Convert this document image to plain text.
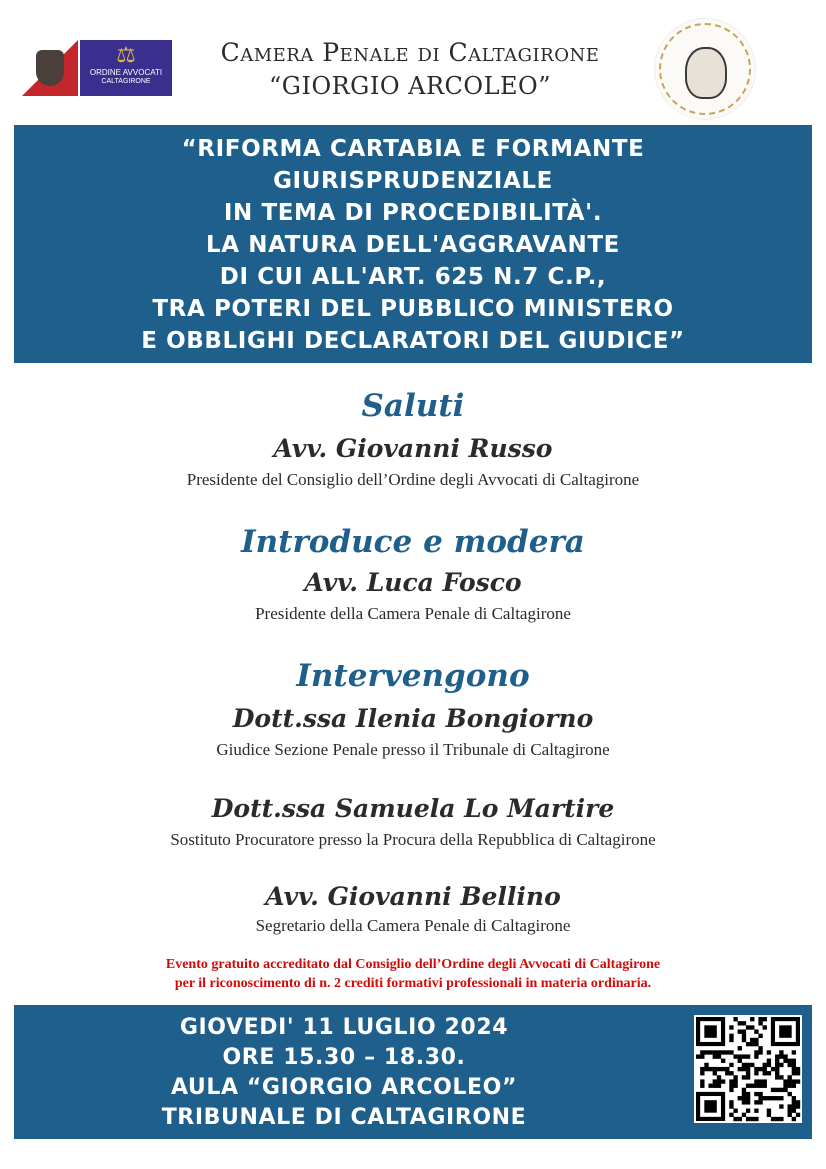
⚖
ORDINE AVVOCATI
CALTAGIRONE
Camera Penale di Caltagirone
“GIORGIO ARCOLEO”
“RIFORMA CARTABIA E FORMANTE
GIURISPRUDENZIALE
IN TEMA DI PROCEDIBILITÀ'.
LA NATURA DELL'AGGRAVANTE
DI CUI ALL'ART. 625 N.7 C.P.,
TRA POTERI DEL PUBBLICO MINISTERO
E OBBLIGHI DECLARATORI DEL GIUDICE”
Saluti
Avv. Giovanni Russo
Presidente del Consiglio dell’Ordine degli Avvocati di Caltagirone
Introduce e modera
Avv. Luca Fosco
Presidente della Camera Penale di Caltagirone
Intervengono
Dott.ssa Ilenia Bongiorno
Giudice Sezione Penale presso il Tribunale di Caltagirone
Dott.ssa Samuela Lo Martire
Sostituto Procuratore presso la Procura della Repubblica di Caltagirone
Avv. Giovanni Bellino
Segretario della Camera Penale di Caltagirone
Evento gratuito accreditato dal Consiglio dell’Ordine degli Avvocati di Caltagirone
per il riconoscimento di n. 2 crediti formativi professionali in materia ordinaria.
GIOVEDI' 11 LUGLIO 2024
ORE 15.30 – 18.30.
AULA “GIORGIO ARCOLEO”
TRIBUNALE DI CALTAGIRONE
